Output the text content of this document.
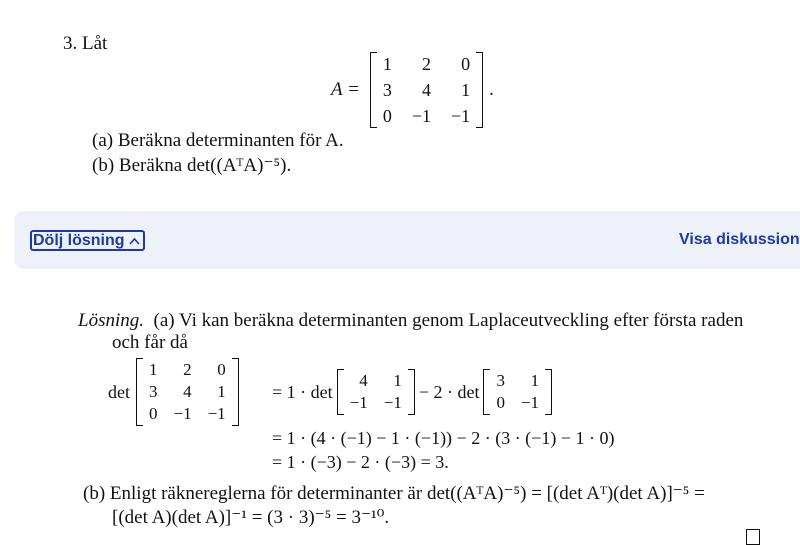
3. Låt
A =
1	2	0
3	4	1
0 −1 −1
.
(a) Beräkna determinanten för A.
(b) Beräkna det((AᵀA)⁻⁵).
Dölj lösning	Visa diskussion
Lösning. (a) Vi kan beräkna determinanten genom Laplaceutveckling efter första raden
och får då
det
1	2	0
3	4	1
0 −1 −1
= 1 · det
4	1
−1 −1
− 2 · det
3	1
0 −1
= 1 · (4 · (−1) − 1 · (−1)) − 2 · (3 · (−1) − 1 · 0)
= 1 · (−3) − 2 · (−3) = 3.
(b) Enligt räknereglerna för determinanter är det((AᵀA)⁻⁵) = [(det Aᵀ)(det A)]⁻⁵ =
[(det A)(det A)]⁻¹ = (3 · 3)⁻⁵ = 3⁻¹⁰.
